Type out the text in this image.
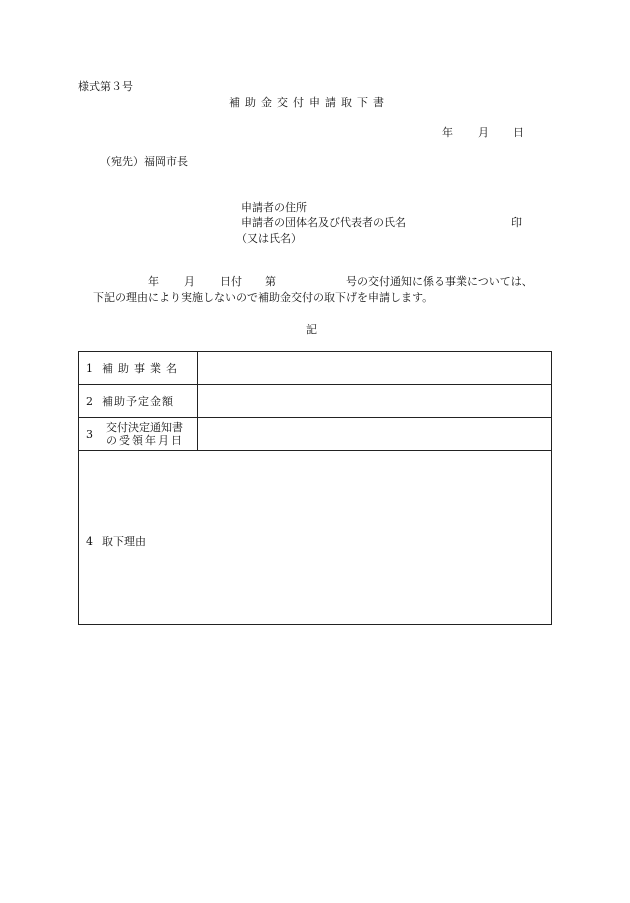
様式第３号
補助金交付申請取下書
年 月 日
（宛先）福岡市長
申請者の住所
申請者の団体名及び代表者の氏名	印
（又は氏名）
年 月 日付 第	号の交付通知に係る事業については、
下記の理由により実施しないので補助金交付の取下げを申請します。
記
1 補助事業名	
2 補助予定金額	

3 交付決定通知書
の受領年月日	

4 取下理由	
